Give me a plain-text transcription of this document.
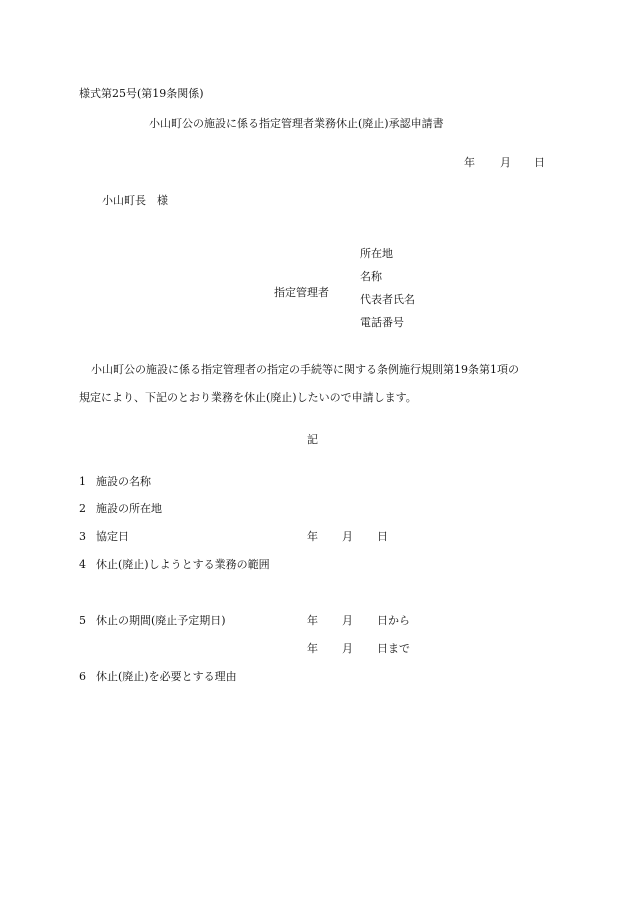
様式第25号(第19条関係)
小山町公の施設に係る指定管理者業務休止(廃止)承認申請書
年 月 日
小山町長　様
指定管理者
所在地
名称
代表者氏名
電話番号
小山町公の施設に係る指定管理者の指定の手続等に関する条例施行規則第19条第1項の
規定により、下記のとおり業務を休止(廃止)したいので申請します。
記
1 施設の名称
2 施設の所在地
3 協定日	年 月 日
4 休止(廃止)しようとする業務の範囲
5 休止の期間(廃止予定期日)	年 月 日から
年 月 日まで
6 休止(廃止)を必要とする理由
